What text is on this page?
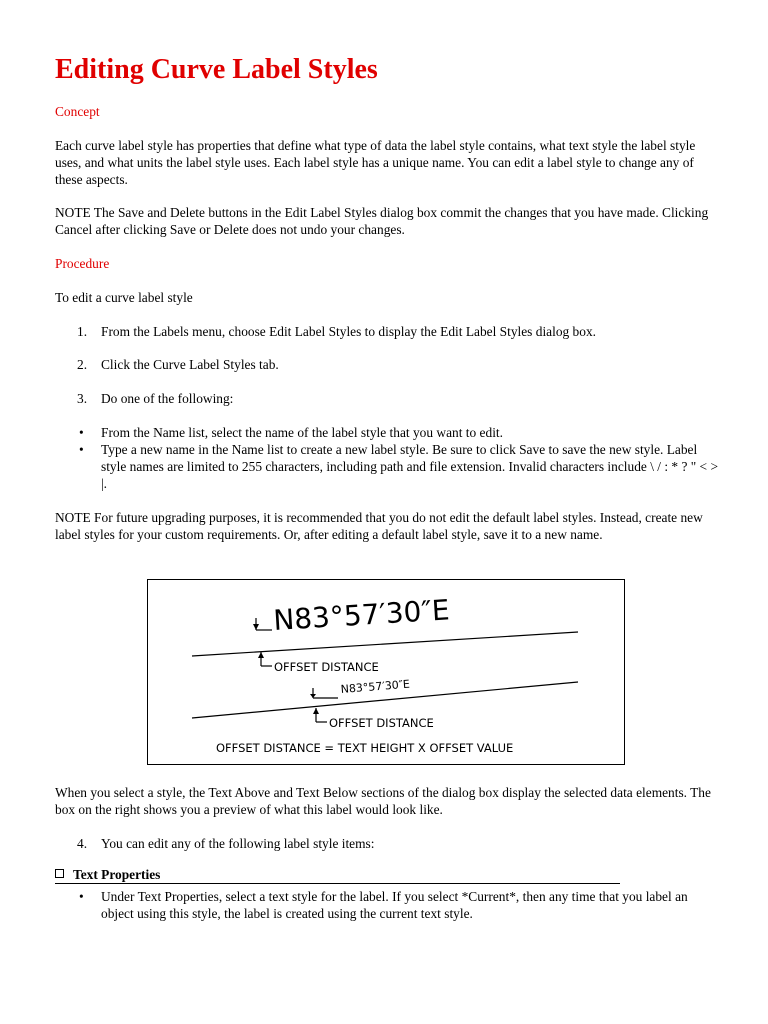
Editing Curve Label Styles
Concept

Each curve label style has properties that define what type of data the label style contains, what text style the label style uses, and what units the label style uses. Each label style has a unique name. You can edit a label style to change any of these aspects.

NOTE The Save and Delete buttons in the Edit Label Styles dialog box commit the changes that you have made. Clicking Cancel after clicking Save or Delete does not undo your changes.

Procedure
To edit a curve label style
1. From the Labels menu, choose Edit Label Styles to display the Edit Label Styles dialog box.
2. Click the Curve Label Styles tab.
3. Do one of the following:
• From the Name list, select the name of the label style that you want to edit.
• Type a new name in the Name list to create a new label style. Be sure to click Save to save the new style. Label style names are limited to 255 characters, including path and file extension. Invalid characters include \ / : * ? " < > |.

NOTE For future upgrading purposes, it is recommended that you do not edit the default label styles. Instead, create new label styles for your custom requirements. Or, after editing a default label style, save it to a new name.

N83°57′30″E
OFFSET DISTANCE
N83°57′30″E
OFFSET DISTANCE
OFFSET DISTANCE = TEXT HEIGHT X OFFSET VALUE

When you select a style, the Text Above and Text Below sections of the dialog box display the selected data elements. The box on the right shows you a preview of what this label would look like.

4. You can edit any of the following label style items:
Text Properties
• Under Text Properties, select a text style for the label. If you select *Current*, then any time that you label an object using this style, the label is created using the current text style.
